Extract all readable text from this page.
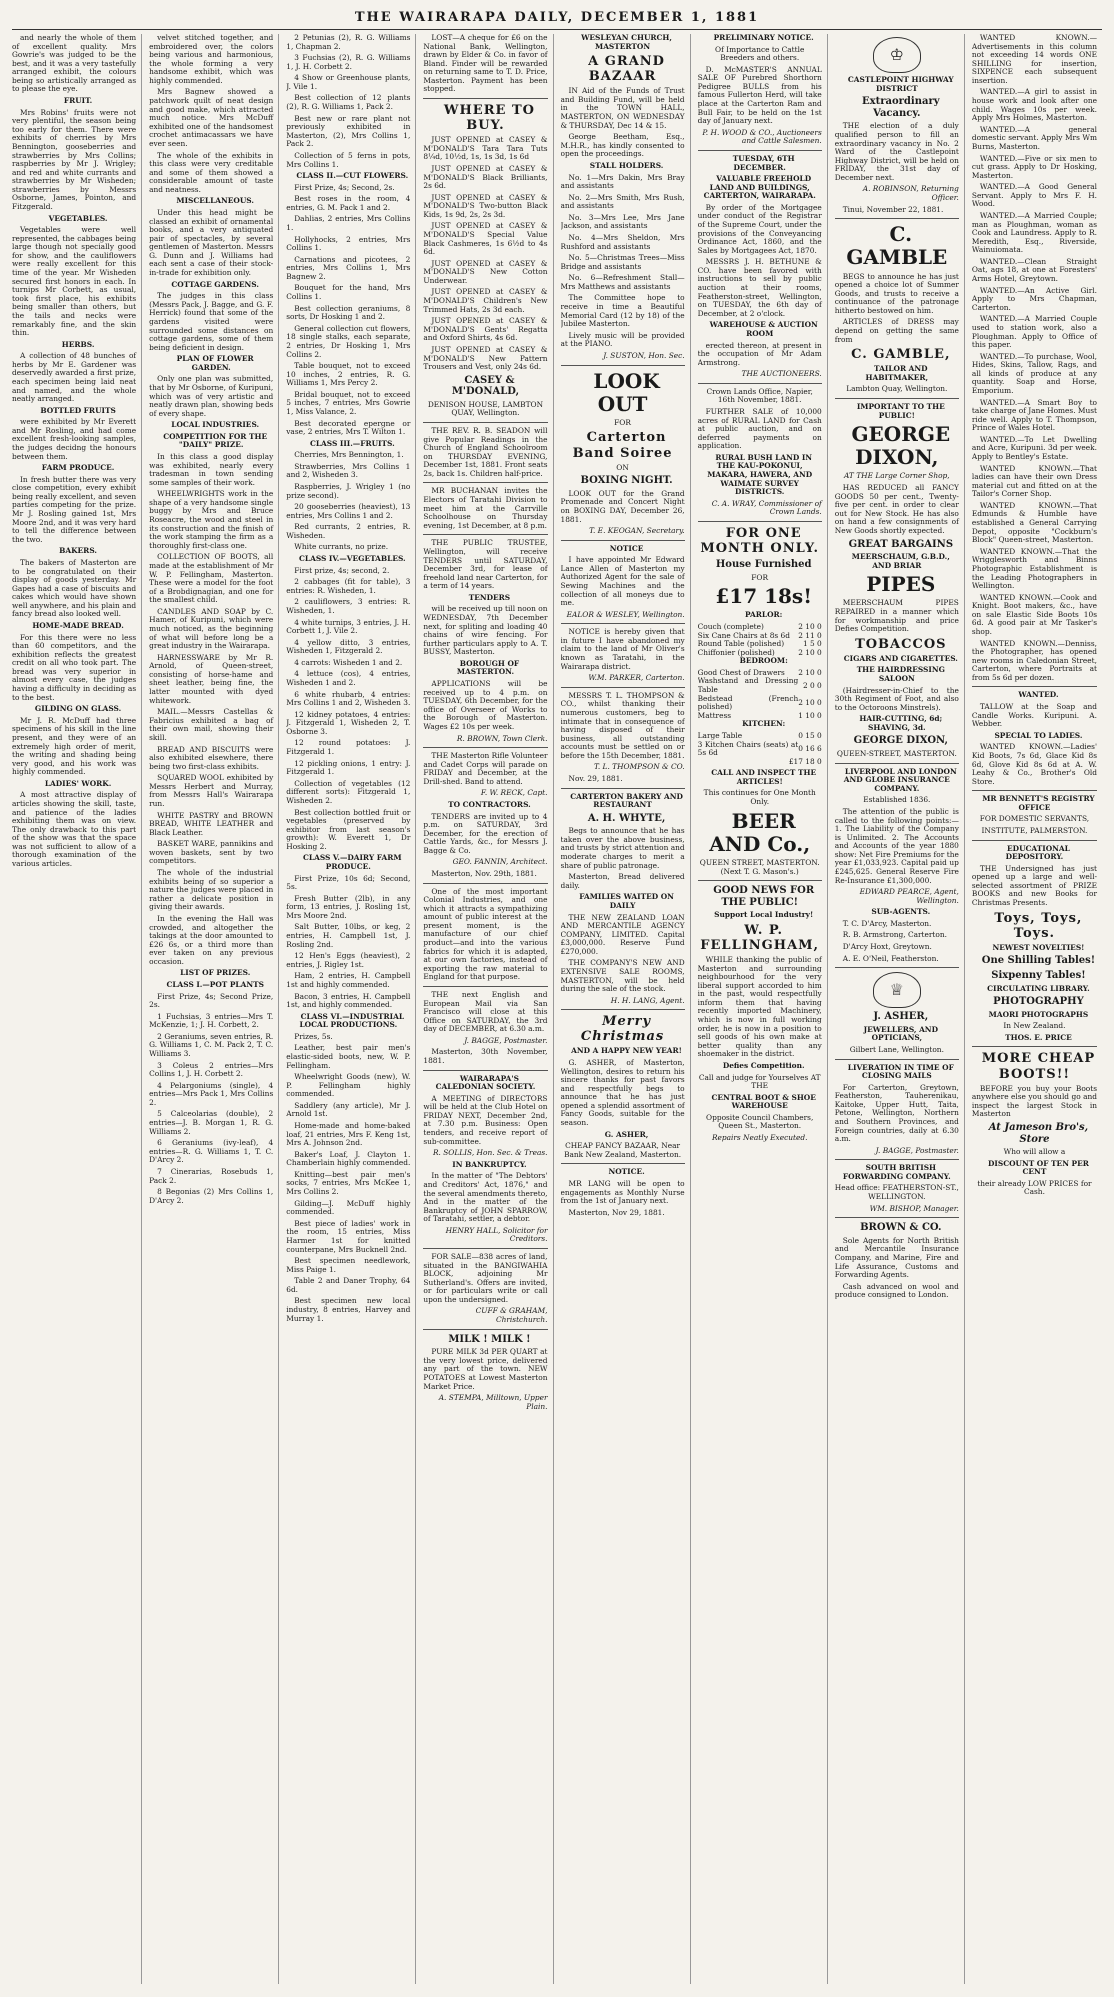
THE WAIRARAPA DAILY, DECEMBER 1, 1881

and nearly the whole of them of excellent quality. Mrs Gowrie's was judged to be the best, and it was a very tastefully arranged exhibit, the colours being so artistically arranged as to please the eye.

FRUIT.

Mrs Robins' fruits were not very plentiful, the season being too early for them. There were exhibits of cherries by Mrs Bennington, gooseberries and strawberries by Mrs Collins; raspberries by Mr J. Wrigley; and red and white currants and strawberries by Mr Wisheden; strawberries by Messrs Osborne, James, Pointon, and Fitzgerald.

VEGETABLES.

Vegetables were well represented, the cabbages being large though not specially good for show, and the cauliflowers were really excellent for this time of the year. Mr Wisheden secured first honors in each. In turnips Mr Corbett, as usual, took first place, his exhibits being smaller than others, but the tails and necks were remarkably fine, and the skin thin.

HERBS.

A collection of 48 bunches of herbs by Mr E. Gardener was deservedly awarded a first prize, each specimen being laid neat and named, and the whole neatly arranged.

BOTTLED FRUITS

were exhibited by Mr Everett and Mr Rosling, and had come excellent fresh-looking samples, the judges decidng the honours between them.

FARM PRODUCE.

In fresh butter there was very close competition, every exhibit being really excellent, and seven parties competing for the prize. Mr J. Rosling gained 1st, Mrs Moore 2nd, and it was very hard to tell the difference between the two.

BAKERS.

The bakers of Masterton are to be congratulated on their display of goods yesterday. Mr Gapes had a case of biscuits and cakes which would have shown well anywhere, and his plain and fancy bread also looked well.

HOME-MADE BREAD.

For this there were no less than 60 competitors, and the exhibition reflects the greatest credit on all who took part. The bread was very superior in almost every case, the judges having a difficulty in deciding as to the best.

GILDING ON GLASS.

Mr J. R. McDuff had three specimens of his skill in the line present, and they were of an extremely high order of merit, the writing and shading being very good, and his work was highly commended.

LADIES' WORK.

A most attractive display of articles showing the skill, taste, and patience of the ladies exhibiting them was on view. The only drawback to this part of the show was that the space was not sufficient to allow of a thorough examination of the various articles.

velvet stitched together, and embroidered over, the colors being various and harmonious, the whole forming a very handsome exhibit, which was highly commended.

Mrs Bagnew showed a patchwork quilt of neat design and good make, which attracted much notice. Mrs McDuff exhibited one of the handsomest crochet antimacassars we have ever seen.

The whole of the exhibits in this class were very creditable and some of them showed a considerable amount of taste and neatness.

MISCELLANEOUS.

Under this head might be classed an exhibit of ornamental books, and a very antiquated pair of spectacles, by several gentlemen of Masterton. Messrs G. Dunn and J. Williams had each sent a case of their stock-in-trade for exhibition only.

COTTAGE GARDENS.

The judges in this class (Messrs Pack, J. Bagge, and G. F. Herrick) found that some of the gardens visited were surrounded some distances on cottage gardens, some of them being deficient in design.

PLAN OF FLOWER GARDEN.

Only one plan was submitted, that by Mr Osborne, of Kuripuni, which was of very artistic and neatly drawn plan, showing beds of every shape.

LOCAL INDUSTRIES.

COMPETITION FOR THE "DAILY" PRIZE.

In this class a good display was exhibited, nearly every tradesman in town sending some samples of their work.

WHEELWRIGHTS work in the shape of a very handsome single buggy by Mrs and Bruce Roseacre, the wood and steel in its construction and the finish of the work stamping the firm as a thoroughly first-class one.

COLLECTION OF BOOTS, all made at the establishment of Mr W. P. Fellingham, Masterton. These were a model for the foot of a Brobdignagian, and one for the smallest child.

CANDLES AND SOAP by C. Hamer, of Kuripuni, which were much noticed, as the beginning of what will before long be a great industry in the Wairarapa.

HARNESSWARE by Mr R. Arnold, of Queen-street, consisting of horse-hame and sheet leather, being fine, the latter mounted with dyed whitework.

MAIL.—Messrs Castellas & Fabricius exhibited a bag of their own mail, showing their skill.

BREAD AND BISCUITS were also exhibited elsewhere, there being two first-class exhibits.

SQUARED WOOL exhibited by Messrs Herbert and Murray, from Messrs Hall's Wairarapa run.

WHITE PASTRY and BROWN BREAD, WHITE LEATHER and Black Leather.

BASKET WARE, pannikins and woven baskets, sent by two competitors.

The whole of the industrial exhibits being of so superior a nature the judges were placed in rather a delicate position in giving their awards.

In the evening the Hall was crowded, and altogether the takings at the door amounted to £26 6s, or a third more than ever taken on any previous occasion.

LIST OF PRIZES.

CLASS I.—POT PLANTS

First Prize, 4s; Second Prize, 2s.

1 Fuchsias, 3 entries—Mrs T. McKenzie, 1; J. H. Corbett, 2.

2 Geraniums, seven entries, R. G. Williams 1, C. M. Pack 2, T. C. Williams 3.

3 Coleus 2 entries—Mrs Collins 1, J. H. Corbett 2.

4 Pelargoniums (single), 4 entries—Mrs Pack 1, Mrs Collins 2.

5 Calceolarias (double), 2 entries—J. B. Morgan 1, R. G. Williams 2.

6 Geraniums (ivy-leaf), 4 entries—R. G. Williams 1, T. C. D'Arcy 2.

7 Cinerarias, Rosebuds 1, Pack 2.

8 Begonias (2) Mrs Collins 1, D'Arcy 2.

2 Petunias (2), R. G. Williams 1, Chapman 2.

3 Fuchsias (2), R. G. Williams 1, J. H. Corbett 2.

4 Show or Greenhouse plants, J. Vile 1.

Best collection of 12 plants (2), R. G. Williams 1, Pack 2.

Best new or rare plant not previously exhibited in Masterton, (2), Mrs Collins 1, Pack 2.

Collection of 5 ferns in pots, Mrs Collins 1.

CLASS II.—CUT FLOWERS.

First Prize, 4s; Second, 2s.

Best roses in the room, 4 entries, G. M. Pack 1 and 2.

Dahlias, 2 entries, Mrs Collins 1.

Hollyhocks, 2 entries, Mrs Collins 1.

Carnations and picotees, 2 entries, Mrs Collins 1, Mrs Bagnew 2.

Bouquet for the hand, Mrs Collins 1.

Best collection geraniums, 8 sorts, Dr Hosking 1 and 2.

General collection cut flowers, 18 single stalks, each separate, 2 entries, Dr Hosking 1, Mrs Collins 2.

Table bouquet, not to exceed 10 inches, 2 entries, R. G. Williams 1, Mrs Percy 2.

Bridal bouquet, not to exceed 5 inches, 7 entries, Mrs Gowrie 1, Miss Valance, 2.

Best decorated epergne or vase, 2 entries, Mrs T. Wilton 1.

CLASS III.—FRUITS.

Cherries, Mrs Bennington, 1.

Strawberries, Mrs Collins 1 and 2, Wisheden 3.

Raspberries, J. Wrigley 1 (no prize second).

20 gooseberries (heaviest), 13 entries, Mrs Collins 1 and 2.

Red currants, 2 entries, R. Wisheden.

White currants, no prize.

CLASS IV.—VEGETABLES.

First prize, 4s; second, 2.

2 cabbages (fit for table), 3 entries: R. Wisheden, 1.

2 cauliflowers, 3 entries: R. Wisheden, 1.

4 white turnips, 3 entries, J. H. Corbett 1, J. Vile 2.

4 yellow ditto, 3 entries, Wisheden 1, Fitzgerald 2.

4 carrots: Wisheden 1 and 2.

4 lettuce (cos), 4 entries, Wisheden 1 and 2.

6 white rhubarb, 4 entries: Mrs Collins 1 and 2, Wisheden 3.

12 kidney potatoes, 4 entries: J. Fitzgerald 1, Wisheden 2, T. Osborne 3.

12 round potatoes: J. Fitzgerald 1.

12 pickling onions, 1 entry: J. Fitzgerald 1.

Collection of vegetables (12 different sorts): Fitzgerald 1, Wisheden 2.

Best collection bottled fruit or vegetables (preserved by exhibitor from last season's growth): W. Everett 1, Dr Hosking 2.

CLASS V.—DAIRY FARM PRODUCE.

First Prize, 10s 6d; Second, 5s.

Fresh Butter (2lb), in any form, 13 entries, J. Rosling 1st, Mrs Moore 2nd.

Salt Butter, 10lbs, or keg, 2 entries, H. Campbell 1st, J. Rosling 2nd.

12 Hen's Eggs (heaviest), 2 entries, J. Rigley 1st.

Ham, 2 entries, H. Campbell 1st and highly commended.

Bacon, 3 entries, H. Campbell 1st, and highly commended.

CLASS VI.—INDUSTRIAL LOCAL PRODUCTIONS.

Prizes, 5s.

Leather, best pair men's elastic-sided boots, new, W. P. Fellingham.

Wheelwright Goods (new), W. P. Fellingham highly commended.

Saddlery (any article), Mr J. Arnold 1st.

Home-made and home-baked loaf, 21 entries, Mrs F. Keng 1st, Mrs A. Johnson 2nd.

Baker's Loaf, J. Clayton 1. Chamberlain highly commended.

Knitting—best pair men's socks, 7 entries, Mrs McKee 1, Mrs Collins 2.

Gilding—J. McDuff highly commended.

Best piece of ladies' work in the room, 15 entries, Miss Harmer 1st for knitted counterpane, Mrs Bucknell 2nd.

Best specimen needlework, Miss Paige 1.

Table 2 and Daner Trophy, 64 6d.

Best specimen new local industry, 8 entries, Harvey and Murray 1.

LOST—A cheque for £6 on the National Bank, Wellington, drawn by Elder & Co. in favor of Bland. Finder will be rewarded on returning same to T. D. Price, Masterton. Payment has been stopped.

WHERE TO BUY.

JUST OPENED at CASEY & M'DONALD'S Tara Tara Tuts 8¼d, 10½d, 1s, 1s 3d, 1s 6d

JUST OPENED at CASEY & M'DONALD'S Black Brilliants, 2s 6d.

JUST OPENED at CASEY & M'DONALD'S Two-button Black Kids, 1s 9d, 2s, 2s 3d.

JUST OPENED at CASEY & M'DONALD'S Special Value Black Cashmeres, 1s 6½d to 4s 6d.

JUST OPENED at CASEY & M'DONALD'S New Cotton Underwear.

JUST OPENED at CASEY & M'DONALD'S Children's New Trimmed Hats, 2s 3d each.

JUST OPENED at CASEY & M'DONALD'S Gents' Regatta and Oxford Shirts, 4s 6d.

JUST OPENED at CASEY & M'DONALD'S New Pattern Trousers and Vest, only 24s 6d.

CASEY & M'DONALD,

DENISON HOUSE, LAMBTON QUAY, Wellington.

THE REV. R. B. SEADON will give Popular Readings in the Church of England Schoolroom on THURSDAY EVENING, December 1st, 1881. Front seats 2s, back 1s. Children half-price.

MR BUCHANAN invites the Electors of Taratahi Division to meet him at the Carrville Schoolhouse on Thursday evening, 1st December, at 8 p.m.

THE PUBLIC TRUSTEE, Wellington, will receive TENDERS until SATURDAY, December 3rd, for lease of freehold land near Carterton, for a term of 14 years.

TENDERS

will be received up till noon on WEDNESDAY, 7th December next, for spliting and loading 40 chains of wire fencing. For further particulars apply to A. T. BUSSY, Masterton.

BOROUGH OF MASTERTON.

APPLICATIONS will be received up to 4 p.m. on TUESDAY, 6th December, for the office of Overseer of Works to the Borough of Masterton. Wages £2 10s per week.

R. BROWN, Town Clerk.

THE Masterton Rifle Volunteer and Cadet Corps will parade on FRIDAY and December, at the Drill-shed. Band to attend.

F. W. RECK, Capt.

TO CONTRACTORS.

TENDERS are invited up to 4 p.m. on SATURDAY, 3rd December, for the erection of Cattle Yards, &c., for Messrs J. Bagge & Co.

GEO. FANNIN, Architect.

Masterton, Nov. 29th, 1881.

One of the most important Colonial Industries, and one which it attracts a sympathizing amount of public interest at the present moment, is the manufacture of our chief product—and into the various fabrics for which it is adapted, at our own factories, instead of exporting the raw material to England for that purpose.

THE next English and European Mail via San Francisco will close at this Office on SATURDAY, the 3rd day of DECEMBER, at 6.30 a.m.

J. BAGGE, Postmaster.

Masterton, 30th November, 1881.

WAIRARAPA'S CALEDONIAN SOCIETY.

A MEETING of DIRECTORS will be held at the Club Hotel on FRIDAY NEXT, December 2nd, at 7.30 p.m. Business: Open tenders, and receive report of sub-committee.

R. SOLLIS, Hon. Sec. & Treas.

IN BANKRUPTCY.

In the matter of "The Debtors' and Creditors' Act, 1876," and the several amendments thereto, And in the matter of the Bankruptcy of JOHN SPARROW, of Taratahi, settler, a debtor.

HENRY HALL, Solicitor for Creditors.

FOR SALE—838 acres of land, situated in the BANGIWAHIA BLOCK, adjoining Mr Sutherland's. Offers are invited, or for particulars write or call upon the undersigned.

CUFF & GRAHAM, Christchurch.

MILK ! MILK !

PURE MILK 3d PER QUART at the very lowest price, delivered any part of the town. NEW POTATOES at Lowest Masterton Market Price.

A. STEMPA, Milltown, Upper Plain.

WESLEYAN CHURCH, MASTERTON

A GRAND BAZAAR

IN Aid of the Funds of Trust and Building Fund, will be held in the TOWN HALL, MASTERTON, ON WEDNESDAY & THURSDAY, Dec 14 & 15.

George Beetham, Esq., M.H.R., has kindly consented to open the proceedings.

STALL HOLDERS.

No. 1—Mrs Dakin, Mrs Bray and assistants

No. 2—Mrs Smith, Mrs Rush, and assistants

No. 3—Mrs Lee, Mrs Jane Jackson, and assistants

No. 4—Mrs Sheldon, Mrs Rushford and assistants

No. 5—Christmas Trees—Miss Bridge and assistants

No. 6—Refreshment Stall—Mrs Matthews and assistants

The Committee hope to receive in time a Beautiful Memorial Card (12 by 18) of the Jubilee Masterton.

Lively music will be provided at the PIANO.

J. SUSTON, Hon. Sec.

LOOK OUT

FOR

Carterton Band Soiree

ON

BOXING NIGHT.

LOOK OUT for the Grand Promenade and Concert Night on BOXING DAY, December 26, 1881.

T. E. KEOGAN, Secretary.

NOTICE

I have appointed Mr Edward Lance Allen of Masterton my Authorized Agent for the sale of Sewing Machines and the collection of all moneys due to me.

EALOR & WESLEY, Wellington.

NOTICE is hereby given that in future I have abandoned my claim to the land of Mr Oliver's known as Taratahi, in the Wairarapa district.

W.M. PARKER, Carterton.

MESSRS T. L. THOMPSON & CO., whilst thanking their numerous customers, beg to intimate that in consequence of having disposed of their business, all outstanding accounts must be settled on or before the 15th December, 1881.

T. L. THOMPSON & CO.

Nov. 29, 1881.

CARTERTON BAKERY AND RESTAURANT

A. H. WHYTE,

Begs to announce that he has taken over the above business, and trusts by strict attention and moderate charges to merit a share of public patronage.

Masterton, Bread delivered daily.

FAMILIES WAITED ON DAILY

THE NEW ZEALAND LOAN AND MERCANTILE AGENCY COMPANY, LIMITED. Capital £3,000,000. Reserve Fund £270,000.

THE COMPANY'S NEW AND EXTENSIVE SALE ROOMS, MASTERTON, will be held during the sale of the stock.

H. H. LANG, Agent.

Merry Christmas

AND A HAPPY NEW YEAR!

G. ASHER, of Masterton, Wellington, desires to return his sincere thanks for past favors and respectfully begs to announce that he has just opened a splendid assortment of Fancy Goods, suitable for the season.

G. ASHER,

CHEAP FANCY BAZAAR, Near Bank New Zealand, Masterton.

NOTICE.

MR LANG will be open to engagements as Monthly Nurse from the 1st of January next.

Masterton, Nov 29, 1881.

PRELIMINARY NOTICE.

Of Importance to Cattle Breeders and others.

D. McMASTER'S ANNUAL SALE OF Purebred Shorthorn Pedigree BULLS from his famous Fullerton Herd, will take place at the Carterton Ram and Bull Fair, to be held on the 1st day of January next.

P. H. WOOD & CO., Auctioneers and Cattle Salesmen.

TUESDAY, 6TH DECEMBER.

VALUABLE FREEHOLD LAND AND BUILDINGS, CARTERTON, WAIRARAPA.

By order of the Mortgagee under conduct of the Registrar of the Supreme Court, under the provisions of the Conveyancing Ordinance Act, 1860, and the Sales by Mortgagees Act, 1870.

MESSRS J. H. BETHUNE & CO. have been favored with instructions to sell by public auction at their rooms, Featherston-street, Wellington, on TUESDAY, the 6th day of December, at 2 o'clock.

WAREHOUSE & AUCTION ROOM

erected thereon, at present in the occupation of Mr Adam Armstrong.

THE AUCTIONEERS.

Crown Lands Office, Napier, 16th November, 1881.

FURTHER SALE of 10,000 acres of RURAL LAND for Cash at public auction, and on deferred payments on application.

RURAL BUSH LAND IN THE KAU-POKONUI, MAKARA, HAWERA, AND WAIMATE SURVEY DISTRICTS.

C. A. WRAY, Commissioner of Crown Lands.

FOR ONE MONTH ONLY.

House Furnished

FOR

£17 18s!

PARLOR:

Couch (complete)	2 10 0
Six Cane Chairs at 8s 6d	2 11 0
Round Table (polished)	1 5 0
Chiffonier (polished)	2 10 0

BEDROOM:

Good Chest of Drawers	2 10 0
Washstand and Dressing Table	2 0 0
Bedstead (French polished)	2 10 0
Mattress	1 10 0

KITCHEN:

Large Table	0 15 0
3 Kitchen Chairs (seats) at 5s 6d	0 16 6

£17 18 0

CALL AND INSPECT THE ARTICLES!

This continues for One Month Only.

BEER AND Co.,

QUEEN STREET, MASTERTON. (Next T. G. Mason's.)

GOOD NEWS FOR THE PUBLIC!

Support Local Industry!

W. P. FELLINGHAM,

WHILE thanking the public of Masterton and surrounding neighbourhood for the very liberal support accorded to him in the past, would respectfully inform them that having recently imported Machinery, which is now in full working order, he is now in a position to sell goods of his own make at better quality than any shoemaker in the district.

Defies Competition.

Call and judge for Yourselves AT THE

CENTRAL BOOT & SHOE WAREHOUSE

Opposite Council Chambers, Queen St., Masterton.

Repairs Neatly Executed.

♔

CASTLEPOINT HIGHWAY DISTRICT

Extraordinary Vacancy.

THE election of a duly qualified person to fill an extraordinary vacancy in No. 2 Ward of the Castlepoint Highway District, will be held on FRIDAY, the 31st day of December next.

A. ROBINSON, Returning Officer.

Tinui, November 22, 1881.

C. GAMBLE

BEGS to announce he has just opened a choice lot of Summer Goods, and trusts to receive a continuance of the patronage hitherto bestowed on him.

ARTICLES of DRESS may depend on getting the same from

C. GAMBLE,

TAILOR AND HABITMAKER,

Lambton Quay, Wellington.

IMPORTANT TO THE PUBLIC!

GEORGE DIXON,

AT THE Large Corner Shop,

HAS REDUCED all FANCY GOODS 50 per cent., Twenty-five per cent. in order to clear out for New Stock. He has also on hand a few consignments of New Goods shortly expected.

GREAT BARGAINS

MEERSCHAUM, G.B.D., AND BRIAR

PIPES

MEERSCHAUM PIPES REPAIRED in a manner which for workmanship and price Defies Competition.

TOBACCOS

CIGARS AND CIGARETTES.

THE HAIRDRESSING SALOON

(Hairdresser-in-Chief to the 30th Regiment of Foot, and also to the Octoroons Minstrels).

HAIR-CUTTING, 6d; SHAVING, 3d.

GEORGE DIXON,

QUEEN-STREET, MASTERTON.

LIVERPOOL AND LONDON AND GLOBE INSURANCE COMPANY.

Established 1836.

The attention of the public is called to the following points:—1. The Liability of the Company is Unlimited. 2. The Accounts and Accounts of the year 1880 show: Net Fire Premiums for the year £1,033,923. Capital paid up £245,625. General Reserve Fire Re-Insurance £1,300,000.

EDWARD PEARCE, Agent, Wellington.

SUB-AGENTS.

T. C. D'Arcy, Masterton.

R. B. Armstrong, Carterton.

D'Arcy Hoxt, Greytown.

A. E. O'Neil, Featherston.

♕

J. ASHER,

JEWELLERS, AND OPTICIANS,

Gilbert Lane, Wellington.

LIVERATION IN TIME OF CLOSING MAILS

For Carterton, Greytown, Featherston, Tauherenikau, Kaitoke, Upper Hutt, Taita, Petone, Wellington, Northern and Southern Provinces, and Foreign countries, daily at 6.30 a.m.

J. BAGGE, Postmaster.

SOUTH BRITISH FORWARDING COMPANY.

Head office: FEATHERSTON-ST., WELLINGTON.

WM. BISHOP, Manager.

BROWN & CO.

Sole Agents for North British and Mercantile Insurance Company, and Marine, Fire and Life Assurance, Customs and Forwarding Agents.

Cash advanced on wool and produce consigned to London.

WANTED KNOWN.—Advertisements in this column not exceeding 14 words ONE SHILLING for insertion, SIXPENCE each subsequent insertion.

WANTED.—A girl to assist in house work and look after one child. Wages 10s per week. Apply Mrs Holmes, Masterton.

WANTED.—A general domestic servant. Apply Mrs Wm Burns, Masterton.

WANTED.—Five or six men to cut grass. Apply to Dr Hosking, Masterton.

WANTED.—A Good General Servant. Apply to Mrs F. H. Wood.

WANTED.—A Married Couple; man as Ploughman, woman as Cook and Laundress. Apply to R. Meredith, Esq., Riverside, Wainuiomata.

WANTED.—Clean Straight Oat, ags 18, at one at Foresters' Arms Hotel, Greytown.

WANTED.—An Active Girl. Apply to Mrs Chapman, Carterton.

WANTED.—A Married Couple used to station work, also a Ploughman. Apply to Office of this paper.

WANTED.—To purchase, Wool, Hides, Skins, Tallow, Rags, and all kinds of produce at any quantity. Soap and Horse, Emporium.

WANTED.—A Smart Boy to take charge of Jane Homes. Must ride well. Apply to T. Thompson, Prince of Wales Hotel.

WANTED.—To Let Dwelling and Acre, Kuripuni. 3d per week. Apply to Bentley's Estate.

WANTED KNOWN.—That ladies can have their own Dress material cut and fitted on at the Tailor's Corner Shop.

WANTED KNOWN.—That Edmunds & Humble have established a General Carrying Depot, opposite "Cockburn's Block" Queen-street, Masterton.

WANTED KNOWN.—That the Wrigglesworth and Binns Photographic Establishment is the Leading Photographers in Wellington.

WANTED KNOWN.—Cook and Knight. Boot makers, &c., have on sale Elastic Side Boots 10s 6d. A good pair at Mr Tasker's shop.

WANTED KNOWN.—Denniss, the Photographer, has opened new rooms in Caledonian Street, Carterton, where Portraits at from 5s 6d per dozen.

WANTED.

TALLOW at the Soap and Candle Works. Kuripuni. A. Webber.

SPECIAL TO LADIES.

WANTED KNOWN.—Ladies' Kid Boots, 7s 6d, Glace Kid 8s 6d, Glove Kid 8s 6d at A. W. Leahy & Co., Brother's Old Store.

MR BENNETT'S REGISTRY OFFICE

FOR DOMESTIC SERVANTS,

INSTITUTE, PALMERSTON.

EDUCATIONAL DEPOSITORY.

THE Undersigned has just opened up a large and well-selected assortment of PRIZE BOOKS and new Books for Christmas Presents.

Toys, Toys, Toys.

NEWEST NOVELTIES!

One Shilling Tables!

Sixpenny Tables!

CIRCULATING LIBRARY.

PHOTOGRAPHY

MAORI PHOTOGRAPHS

In New Zealand.

THOS. E. PRICE

MORE CHEAP BOOTS!!

BEFORE you buy your Boots anywhere else you should go and inspect the largest Stock in Masterton

At Jameson Bro's, Store

Who will allow a

DISCOUNT OF TEN PER CENT

their already LOW PRICES for Cash.
